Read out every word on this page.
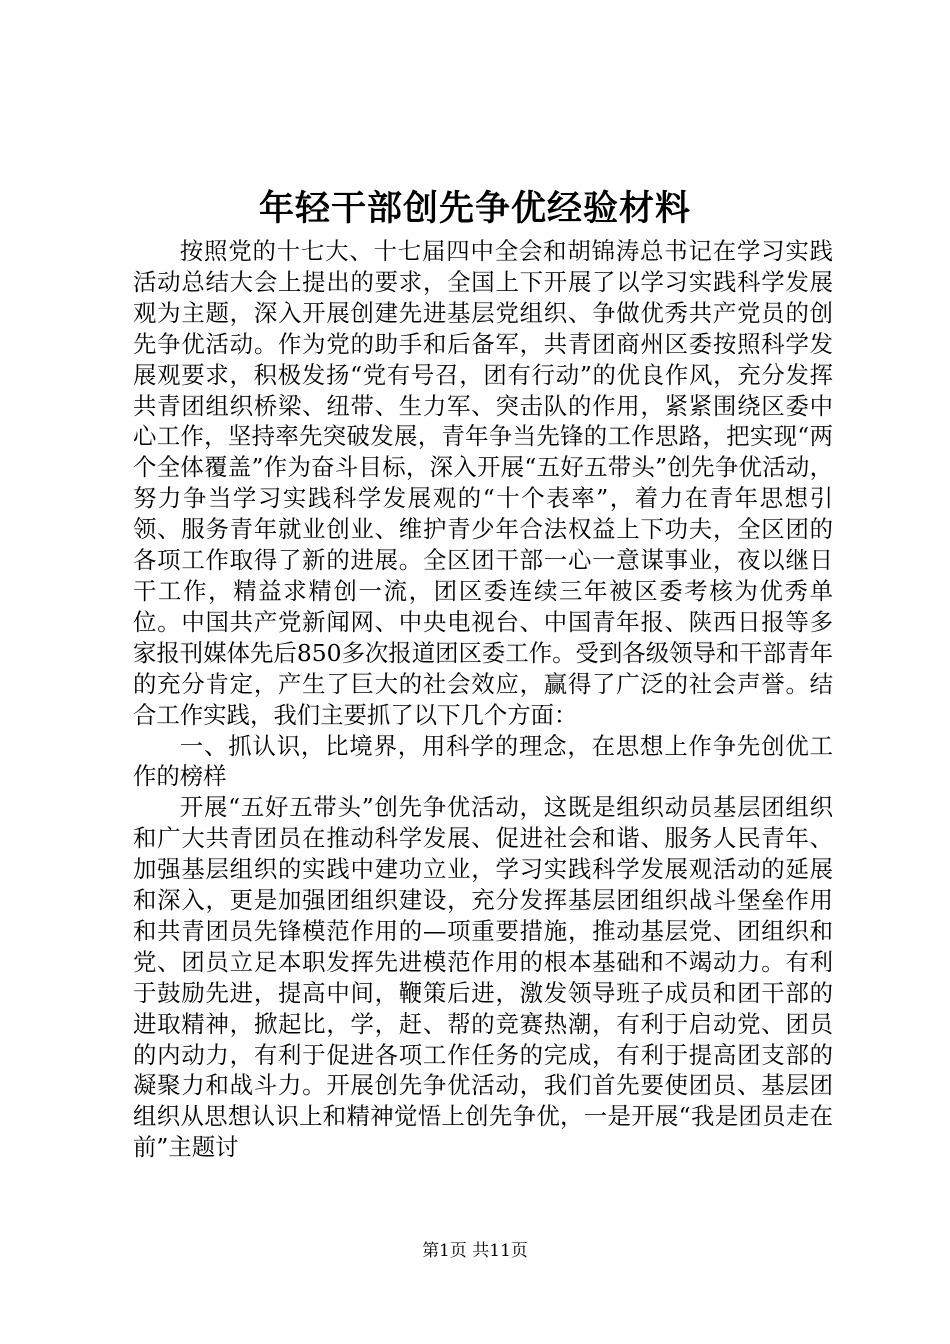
年轻干部创先争优经验材料

按照党的十七大、十七届四中全会和胡锦涛总书记在学习实践活动总结大会上提出的要求，全国上下开展了以学习实践科学发展观为主题，深入开展创建先进基层党组织、争做优秀共产党员的创先争优活动。作为党的助手和后备军，共青团商州区委按照科学发展观要求，积极发扬“党有号召，团有行动”的优良作风，充分发挥共青团组织桥梁、纽带、生力军、突击队的作用，紧紧围绕区委中心工作，坚持率先突破发展，青年争当先锋的工作思路，把实现“两个全体覆盖”作为奋斗目标，深入开展“五好五带头”创先争优活动，努力争当学习实践科学发展观的“十个表率”，着力在青年思想引领、服务青年就业创业、维护青少年合法权益上下功夫，全区团的各项工作取得了新的进展。全区团干部一心一意谋事业，夜以继日干工作，精益求精创一流，团区委连续三年被区委考核为优秀单位。中国共产党新闻网、中央电视台、中国青年报、陕西日报等多家报刊媒体先后850多次报道团区委工作。受到各级领导和干部青年的充分肯定，产生了巨大的社会效应，赢得了广泛的社会声誉。结合工作实践，我们主要抓了以下几个方面：

一、抓认识，比境界，用科学的理念，在思想上作争先创优工作的榜样

开展“五好五带头”创先争优活动，这既是组织动员基层团组织和广大共青团员在推动科学发展、促进社会和谐、服务人民青年、加强基层组织的实践中建功立业，学习实践科学发展观活动的延展和深入，更是加强团组织建设，充分发挥基层团组织战斗堡垒作用和共青团员先锋模范作用的—项重要措施，推动基层党、团组织和党、团员立足本职发挥先进模范作用的根本基础和不竭动力。有利于鼓励先进，提高中间，鞭策后进，激发领导班子成员和团干部的进取精神，掀起比，学，赶、帮的竞赛热潮，有利于启动党、团员的内动力，有利于促进各项工作任务的完成，有利于提高团支部的凝聚力和战斗力。开展创先争优活动，我们首先要使团员、基层团组织从思想认识上和精神觉悟上创先争优，一是开展“我是团员走在前”主题讨

第1页 共11页
